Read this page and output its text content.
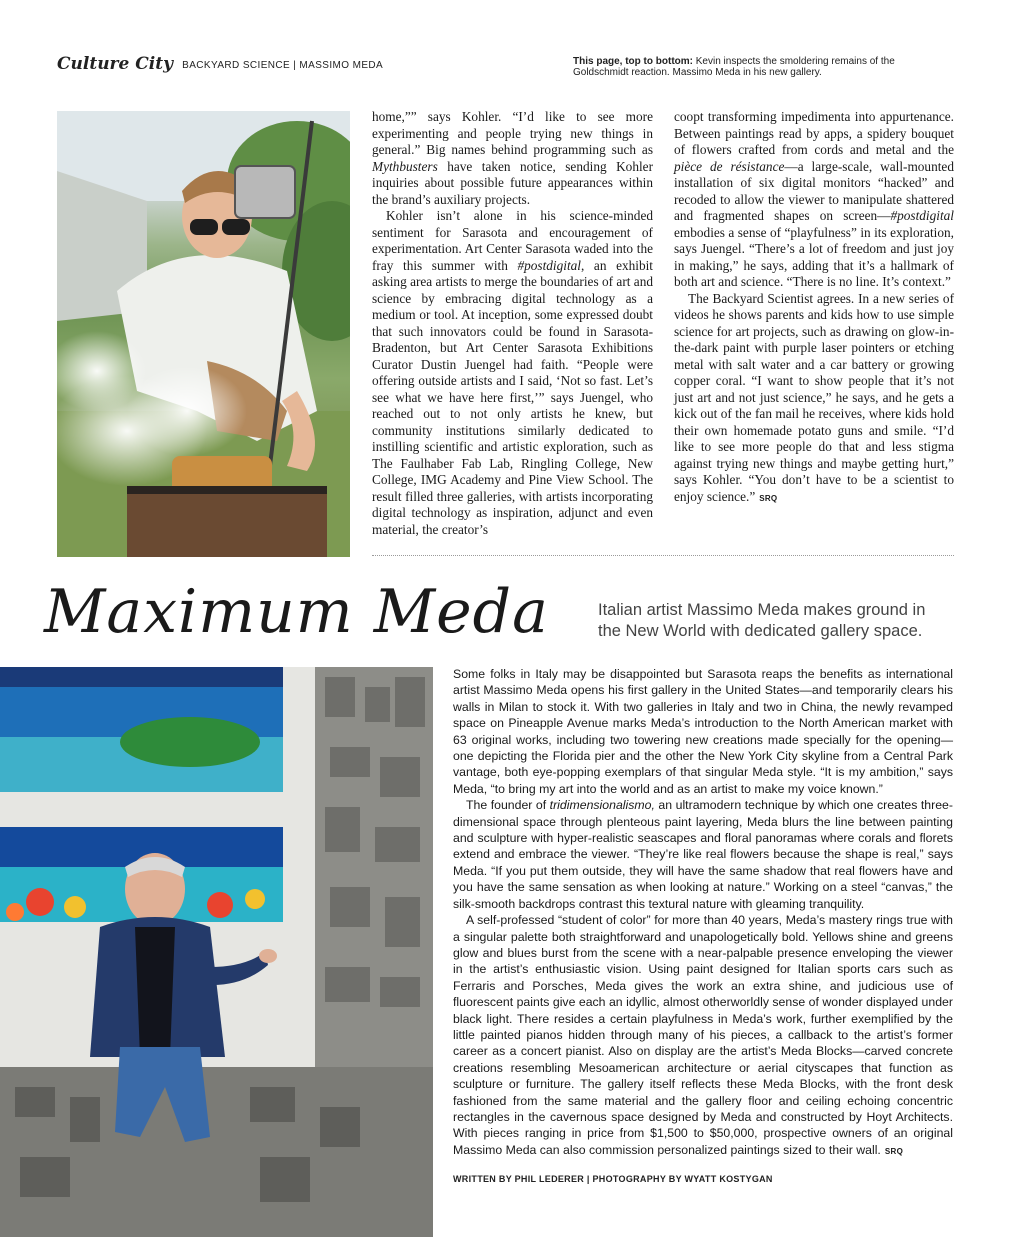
Culture City BACKYARD SCIENCE | MASSIMO MEDA	This page, top to bottom: Kevin inspects the smoldering remains of the Goldschmidt reaction. Massimo Meda in his new gallery.

home,”” says Kohler. “I’d like to see more experimenting and people trying new things in general.” Big names behind programming such as Mythbusters have taken notice, sending Kohler inquiries about possible future appearances within the brand’s auxiliary projects.

Kohler isn’t alone in his science-minded sentiment for Sarasota and encouragement of experimentation. Art Center Sarasota waded into the fray this summer with #postdigital, an exhibit asking area artists to merge the boundaries of art and science by embracing digital technology as a medium or tool. At inception, some expressed doubt that such innovators could be found in Sarasota-Bradenton, but Art Center Sarasota Exhibitions Curator Dustin Juengel had faith. “People were offering outside artists and I said, ‘Not so fast. Let’s see what we have here first,’” says Juengel, who reached out to not only artists he knew, but community institutions similarly dedicated to instilling scientific and artistic exploration, such as The Faulhaber Fab Lab, Ringling College, New College, IMG Academy and Pine View School. The result filled three galleries, with artists incorporating digital technology as inspiration, adjunct and even material, the creator’s

coopt transforming impedimenta into appurtenance. Between paintings read by apps, a spidery bouquet of flowers crafted from cords and metal and the pièce de résistance—a large-scale, wall-mounted installation of six digital monitors “hacked” and recoded to allow the viewer to manipulate shattered and fragmented shapes on screen—#postdigital embodies a sense of “playfulness” in its exploration, says Juengel. “There’s a lot of freedom and just joy in making,” he says, adding that it’s a hallmark of both art and science. “There is no line. It’s context.”

The Backyard Scientist agrees. In a new series of videos he shows parents and kids how to use simple science for art projects, such as drawing on glow-in-the-dark paint with purple laser pointers or etching metal with salt water and a car battery or growing copper coral. “I want to show people that it’s not just art and not just science,” he says, and he gets a kick out of the fan mail he receives, where kids hold their own homemade potato guns and smile. “I’d like to see more people do that and less stigma against trying new things and maybe getting hurt,” says Kohler. “You don’t have to be a scientist to enjoy science.” SRQ

Maximum Meda	Italian artist Massimo Meda makes ground in the New World with dedicated gallery space.

Some folks in Italy may be disappointed but Sarasota reaps the benefits as international artist Massimo Meda opens his first gallery in the United States—and temporarily clears his walls in Milan to stock it. With two galleries in Italy and two in China, the newly revamped space on Pineapple Avenue marks Meda’s introduction to the North American market with 63 original works, including two towering new creations made specially for the opening—one depicting the Florida pier and the other the New York City skyline from a Central Park vantage, both eye-popping exemplars of that singular Meda style. “It is my ambition,” says Meda, “to bring my art into the world and as an artist to make my voice known.”

The founder of tridimensionalismo, an ultramodern technique by which one creates three-dimensional space through plenteous paint layering, Meda blurs the line between painting and sculpture with hyper-realistic seascapes and floral panoramas where corals and florets extend and embrace the viewer. “They’re like real flowers because the shape is real,” says Meda. “If you put them outside, they will have the same shadow that real flowers have and you have the same sensation as when looking at nature.” Working on a steel “canvas,” the silk-smooth backdrops contrast this textural nature with gleaming tranquility.

A self-professed “student of color” for more than 40 years, Meda’s mastery rings true with a singular palette both straightforward and unapologetically bold. Yellows shine and greens glow and blues burst from the scene with a near-palpable presence enveloping the viewer in the artist’s enthusiastic vision. Using paint designed for Italian sports cars such as Ferraris and Porsches, Meda gives the work an extra shine, and judicious use of fluorescent paints give each an idyllic, almost otherworldly sense of wonder displayed under black light. There resides a certain playfulness in Meda’s work, further exemplified by the little painted pianos hidden through many of his pieces, a callback to the artist’s former career as a concert pianist. Also on display are the artist’s Meda Blocks—carved concrete creations resembling Mesoamerican architecture or aerial cityscapes that function as sculpture or furniture. The gallery itself reflects these Meda Blocks, with the front desk fashioned from the same material and the gallery floor and ceiling echoing concentric rectangles in the cavernous space designed by Meda and constructed by Hoyt Architects. With pieces ranging in price from $1,500 to $50,000, prospective owners of an original Massimo Meda can also commission personalized paintings sized to their wall. SRQ

WRITTEN BY PHIL LEDERER | PHOTOGRAPHY BY WYATT KOSTYGAN
